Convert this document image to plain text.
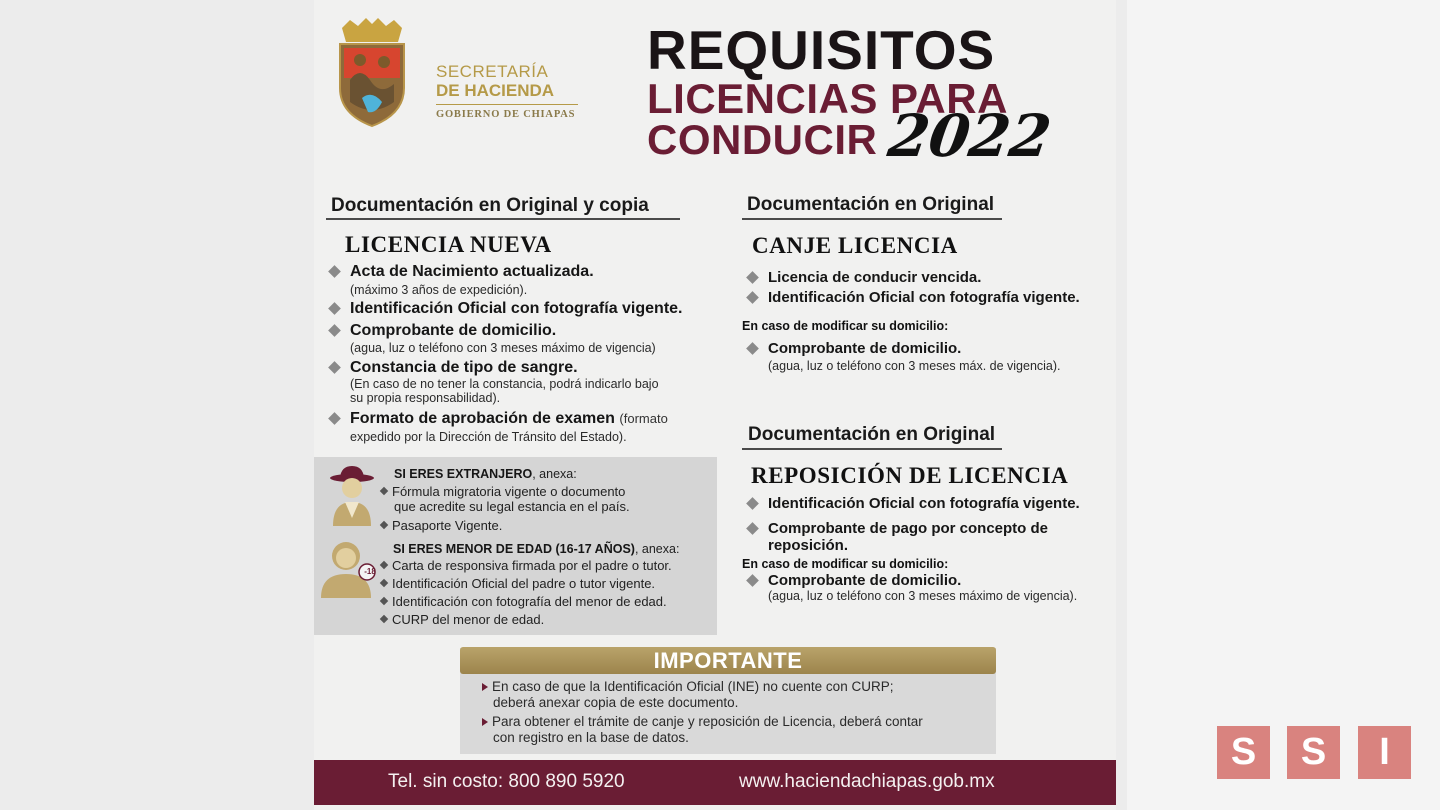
SECRETARÍA
DE HACIENDA
GOBIERNO DE CHIAPAS
REQUISITOS
LICENCIAS PARA
CONDUCIR 2022
Documentación en Original y copia
LICENCIA NUEVA
Acta de Nacimiento actualizada.
(máximo 3 años de expedición).
Identificación Oficial con fotografía vigente.
Comprobante de domicilio.
(agua, luz o teléfono con 3 meses máximo de vigencia)
Constancia de tipo de sangre.
(En caso de no tener la constancia, podrá indicarlo bajo
su propia responsabilidad).
Formato de aprobación de examen (formato
expedido por la Dirección de Tránsito del Estado).
-18
SI ERES EXTRANJERO, anexa:
Fórmula migratoria vigente o documento
que acredite su legal estancia en el país.
Pasaporte Vigente.
SI ERES MENOR DE EDAD (16-17 AÑOS), anexa:
Carta de responsiva firmada por el padre o tutor.
Identificación Oficial del padre o tutor vigente.
Identificación con fotografía del menor de edad.
CURP del menor de edad.
Documentación en Original
CANJE LICENCIA
Licencia de conducir vencida.
Identificación Oficial con fotografía vigente.
En caso de modificar su domicilio:
Comprobante de domicilio.
(agua, luz o teléfono con 3 meses máx. de vigencia).
Documentación en Original
REPOSICIÓN DE LICENCIA
Identificación Oficial con fotografía vigente.
Comprobante de pago por concepto de
reposición.
En caso de modificar su domicilio:
Comprobante de domicilio.
(agua, luz o teléfono con 3 meses máximo de vigencia).
IMPORTANTE
En caso de que la Identificación Oficial (INE) no cuente con CURP;
deberá anexar copia de este documento.
Para obtener el trámite de canje y reposición de Licencia, deberá contar
con registro en la base de datos.
Tel. sin costo: 800 890 5920	www.haciendachiapas.gob.mx
S	S	I
